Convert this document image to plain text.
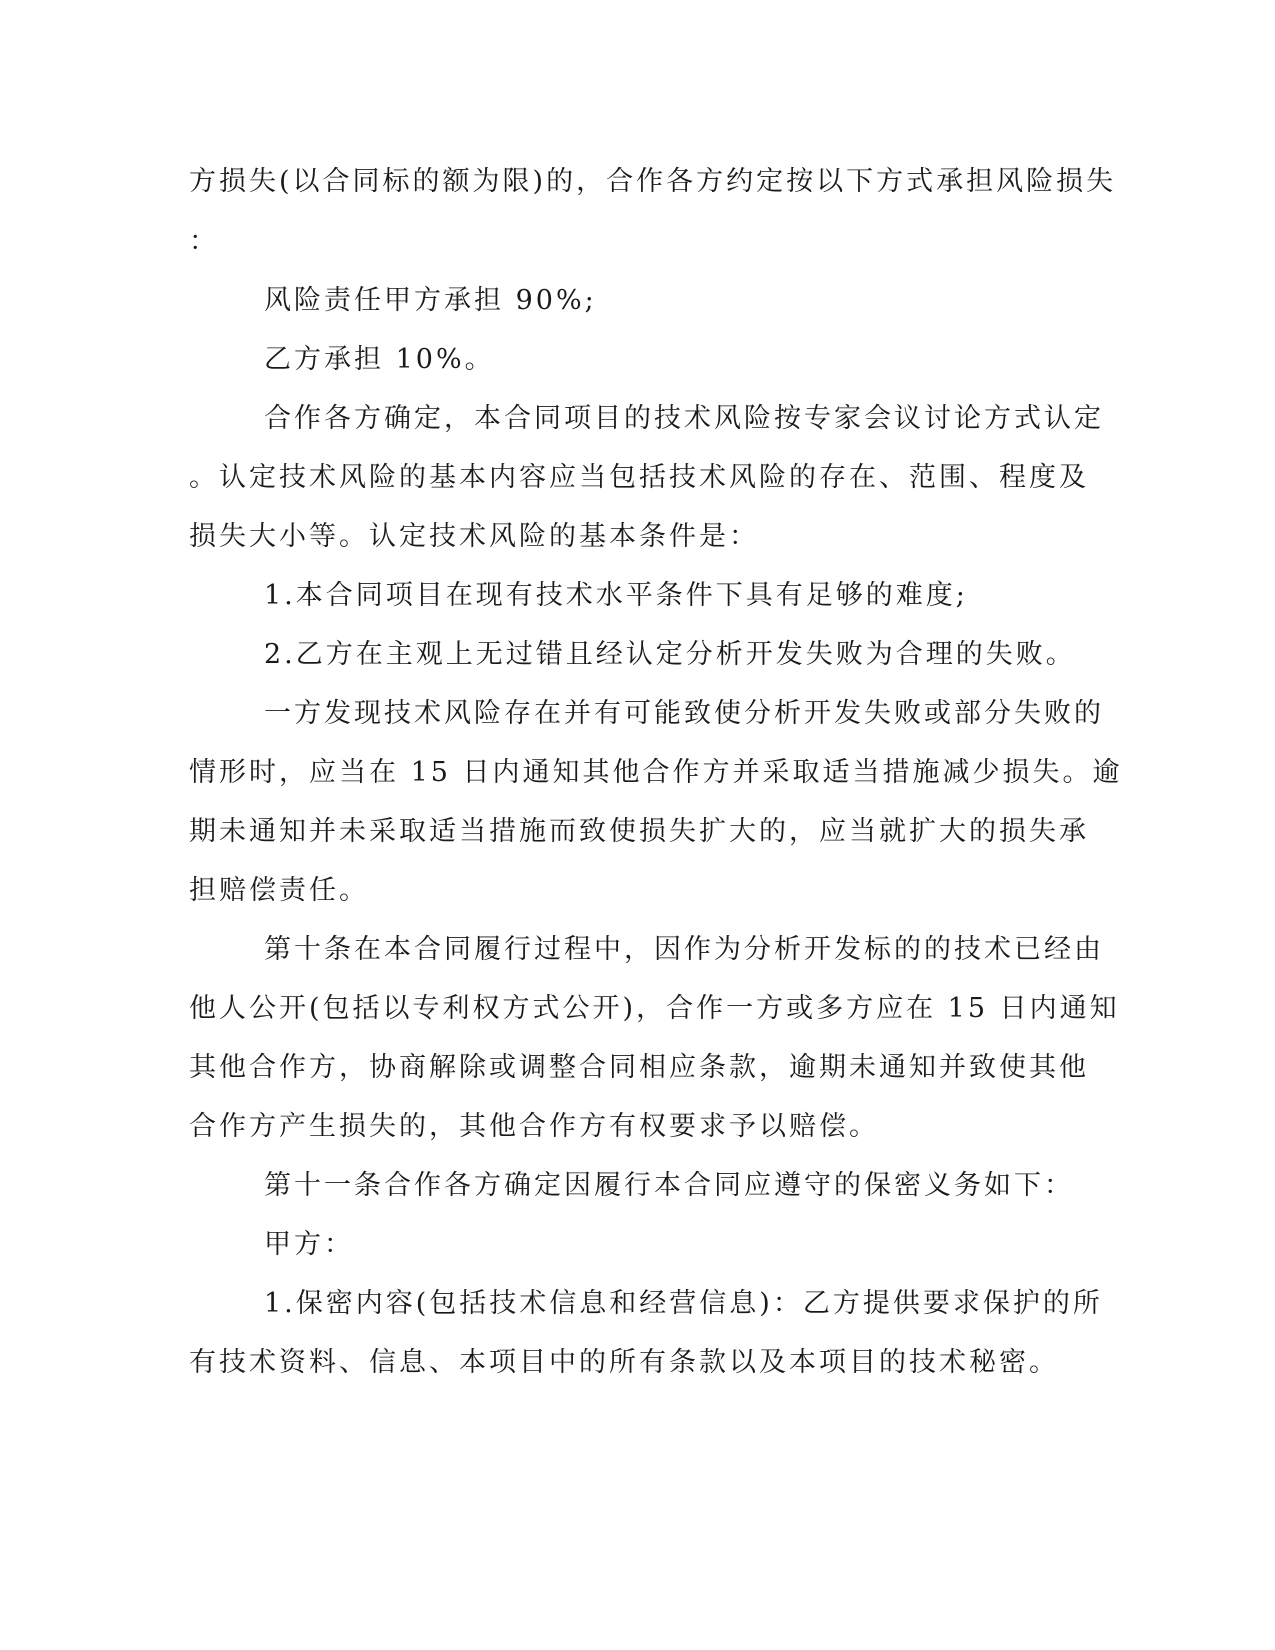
方损失(以合同标的额为限)的，合作各方约定按以下方式承担风险损失
：
风险责任甲方承担 90%;
乙方承担 10%。
合作各方确定，本合同项目的技术风险按专家会议讨论方式认定
。认定技术风险的基本内容应当包括技术风险的存在、范围、程度及
损失大小等。认定技术风险的基本条件是：
1.本合同项目在现有技术水平条件下具有足够的难度;
2.乙方在主观上无过错且经认定分析开发失败为合理的失败。
一方发现技术风险存在并有可能致使分析开发失败或部分失败的
情形时，应当在 15 日内通知其他合作方并采取适当措施减少损失。逾
期未通知并未采取适当措施而致使损失扩大的，应当就扩大的损失承
担赔偿责任。
第十条在本合同履行过程中，因作为分析开发标的的技术已经由
他人公开(包括以专利权方式公开)，合作一方或多方应在 15 日内通知
其他合作方，协商解除或调整合同相应条款，逾期未通知并致使其他
合作方产生损失的，其他合作方有权要求予以赔偿。
第十一条合作各方确定因履行本合同应遵守的保密义务如下：
甲方：
1.保密内容(包括技术信息和经营信息)：乙方提供要求保护的所
有技术资料、信息、本项目中的所有条款以及本项目的技术秘密。
